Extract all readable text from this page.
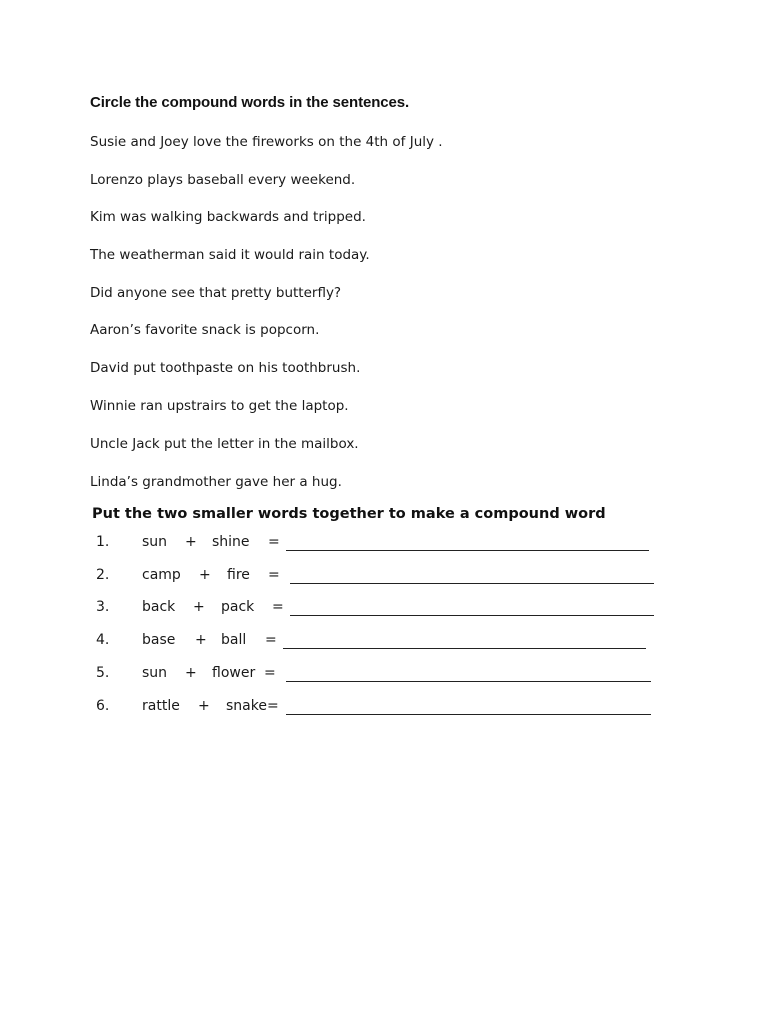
Circle the compound words in the sentences.
Susie and Joey love the fireworks on the 4th of July .
Lorenzo plays baseball every weekend.
Kim was walking backwards and tripped.
The weatherman said it would rain today.
Did anyone see that pretty butterfly?
Aaron’s favorite snack is popcorn.
David put toothpaste on his toothbrush.
Winnie ran upstrairs to get the laptop.
Uncle Jack put the letter in the mailbox.
Linda’s grandmother gave her a hug.
Put the two smaller words together to make a compound word
1. sun + shine =
2. camp + fire =
3. back + pack =
4. base + ball =
5. sun + flower =
6. rattle + snake=
